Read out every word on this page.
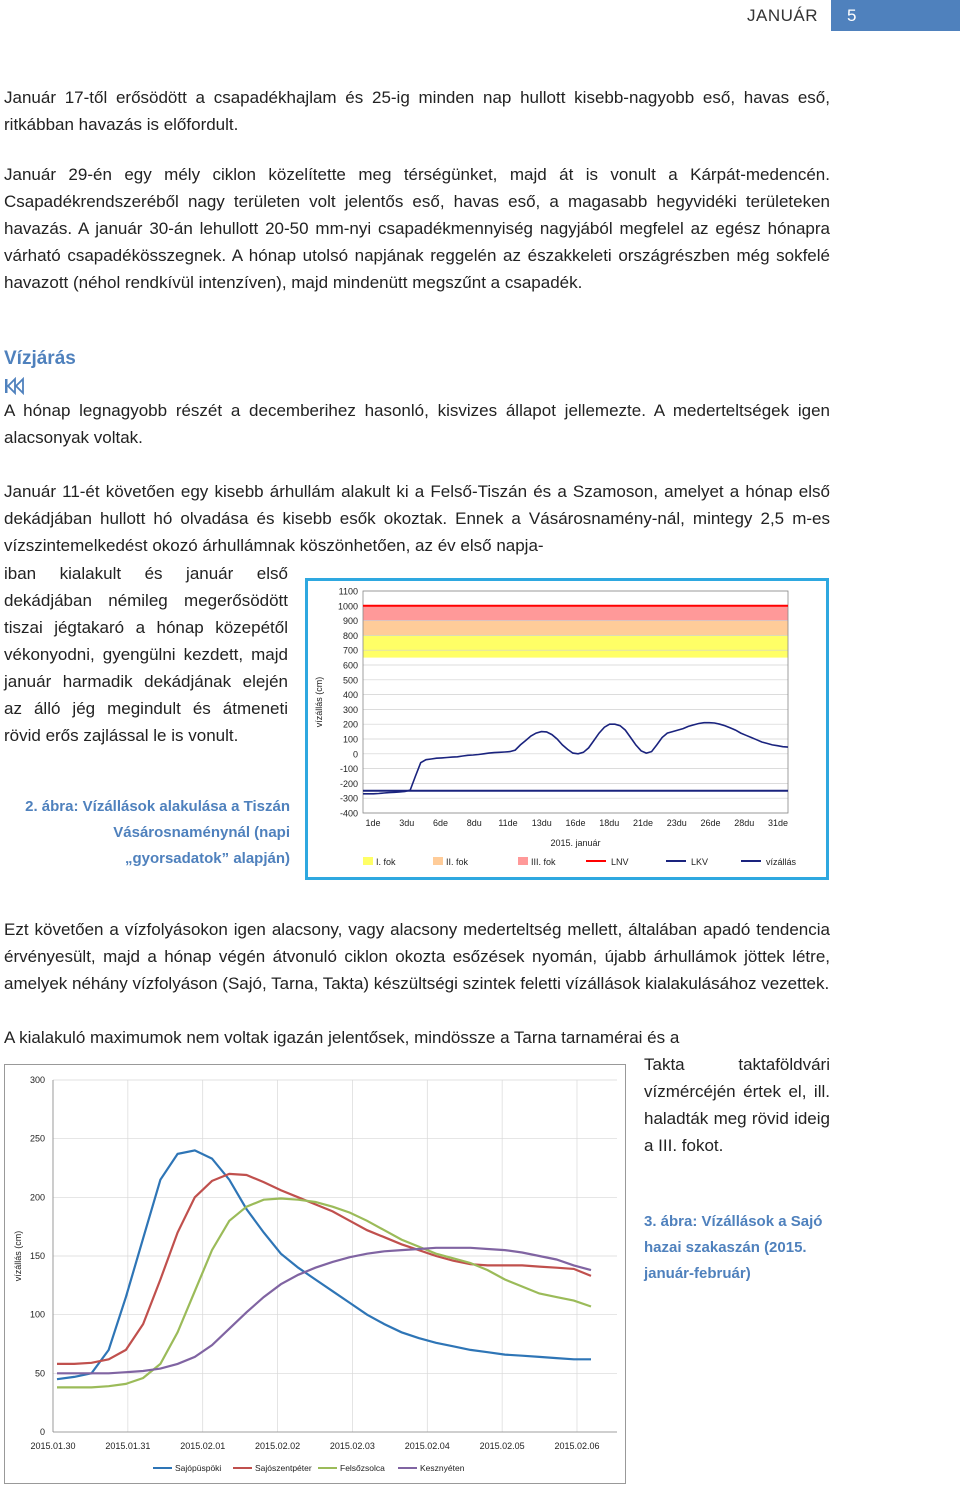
JANUÁR	5

Január 17-től erősödött a csapadékhajlam és 25-ig minden nap hullott kisebb-nagyobb eső, havas eső, ritkábban havazás is előfordult.

Január 29-én egy mély ciklon közelítette meg térségünket, majd át is vonult a Kárpát-medencén. Csapadékrendszeréből nagy területen volt jelentős eső, havas eső, a magasabb hegyvidéki területeken havazás. A január 30-án lehullott 20-50 mm-nyi csapadékmennyiség nagyjából megfelel az egész hónapra várható csapadékösszegnek. A hónap utolsó napjának reggelén az északkeleti országrészben még sokfelé havazott (néhol rendkívül intenzíven), majd mindenütt megszűnt a csapadék.

Vízjárás

A hónap legnagyobb részét a decemberihez hasonló, kisvizes állapot jellemezte. A mederteltségek igen alacsonyak voltak.

Január 11-ét követően egy kisebb árhullám alakult ki a Felső-Tiszán és a Szamoson, amelyet a hónap első dekádjában hullott hó olvadása és kisebb esők okoztak. Ennek a Vásárosnamény-nál, mintegy 2,5 m-es vízszintemelkedést okozó árhullámnak köszönhetően, az év első napja-

iban kialakult és január első dekádjában némileg megerősödött tiszai jégtakaró a hónap közepétől vékonyodni, gyengülni kezdett, majd január harmadik dekádjának elején az álló jég megindult és átmeneti rövid erős zajlással le is vonult.

2. ábra: Vízállások alakulása a Tiszán Vásárosnaménynál (napi „gyorsadatok” alapján)
1100
1000
900
800
700
600
500
400
300
200
100
0
-100
-200
-300
-400
vízállás (cm)
1de 3du 6de 8du 11de 13du 16de 18du 21de 23du 26de 28du 31de
2015. január
I. fok	II. fok	III. fok	LNV	LKV	vízállás

Ezt követően a vízfolyásokon igen alacsony, vagy alacsony mederteltség mellett, általában apadó tendencia érvényesült, majd a hónap végén átvonuló ciklon okozta esőzések nyomán, újabb árhullámok jöttek létre, amelyek néhány vízfolyáson (Sajó, Tarna, Takta) készültségi szintek feletti vízállások kialakulásához vezettek.

A kialakuló maximumok nem voltak igazán jelentősek, mindössze a Tarna tarnamérai és a

Takta taktaföldvári vízmércéjén értek el, ill. haladták meg rövid ideig a III. fokot.

3. ábra: Vízállások a Sajó hazai szakaszán (2015. január-február)
300
250
200
150
100
50
0
2015.01.30	2015.01.31	2015.02.01	2015.02.02	2015.02.03	2015.02.04	2015.02.05	2015.02.06
vízállás (cm)
Sajópüspöki	Sajószentpéter	Felsőzsolca	Kesznyéten
